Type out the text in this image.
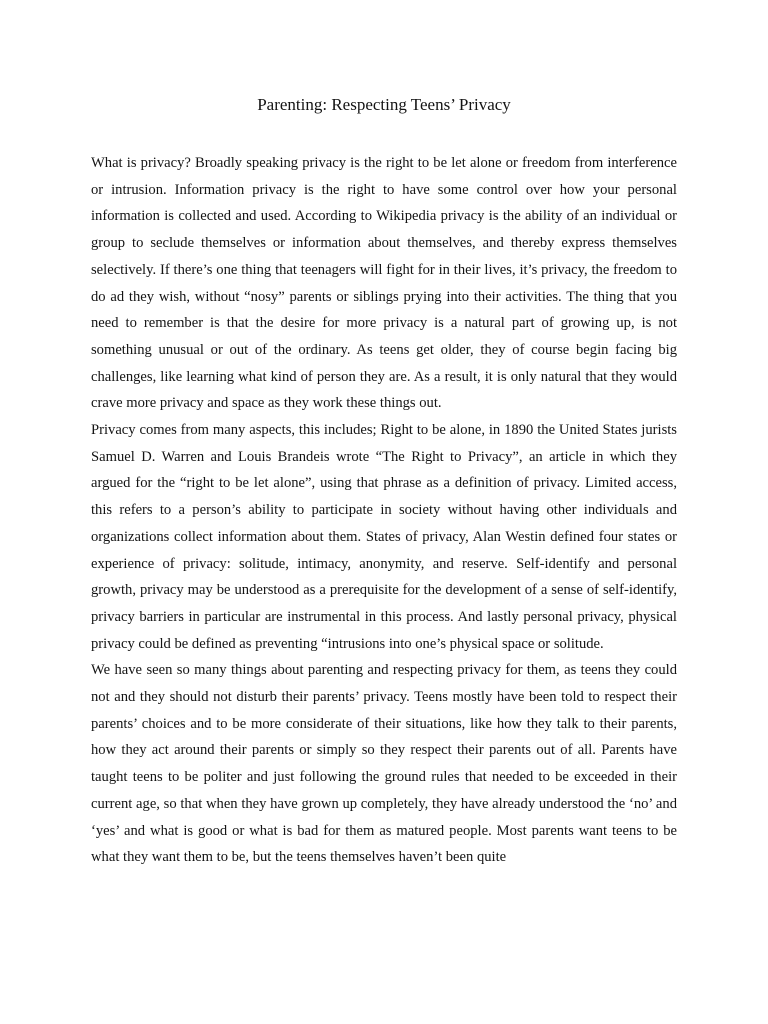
Parenting: Respecting Teens’ Privacy

What is privacy? Broadly speaking privacy is the right to be let alone or freedom from interference or intrusion. Information privacy is the right to have some control over how your personal information is collected and used. According to Wikipedia privacy is the ability of an individual or group to seclude themselves or information about themselves, and thereby express themselves selectively. If there’s one thing that teenagers will fight for in their lives, it’s privacy, the freedom to do ad they wish, without “nosy” parents or siblings prying into their activities. The thing that you need to remember is that the desire for more privacy is a natural part of growing up, is not something unusual or out of the ordinary. As teens get older, they of course begin facing big challenges, like learning what kind of person they are. As a result, it is only natural that they would crave more privacy and space as they work these things out.

Privacy comes from many aspects, this includes; Right to be alone, in 1890 the United States jurists Samuel D. Warren and Louis Brandeis wrote “The Right to Privacy”, an article in which they argued for the “right to be let alone”, using that phrase as a definition of privacy. Limited access, this refers to a person’s ability to participate in society without having other individuals and organizations collect information about them. States of privacy, Alan Westin defined four states or experience of privacy: solitude, intimacy, anonymity, and reserve. Self-identify and personal growth, privacy may be understood as a prerequisite for the development of a sense of self-identify, privacy barriers in particular are instrumental in this process. And lastly personal privacy, physical privacy could be defined as preventing “intrusions into one’s physical space or solitude.

We have seen so many things about parenting and respecting privacy for them, as teens they could not and they should not disturb their parents’ privacy. Teens mostly have been told to respect their parents’ choices and to be more considerate of their situations, like how they talk to their parents, how they act around their parents or simply so they respect their parents out of all. Parents have taught teens to be politer and just following the ground rules that needed to be exceeded in their current age, so that when they have grown up completely, they have already understood the ‘no’ and ‘yes’ and what is good or what is bad for them as matured people. Most parents want teens to be what they want them to be, but the teens themselves haven’t been quite
